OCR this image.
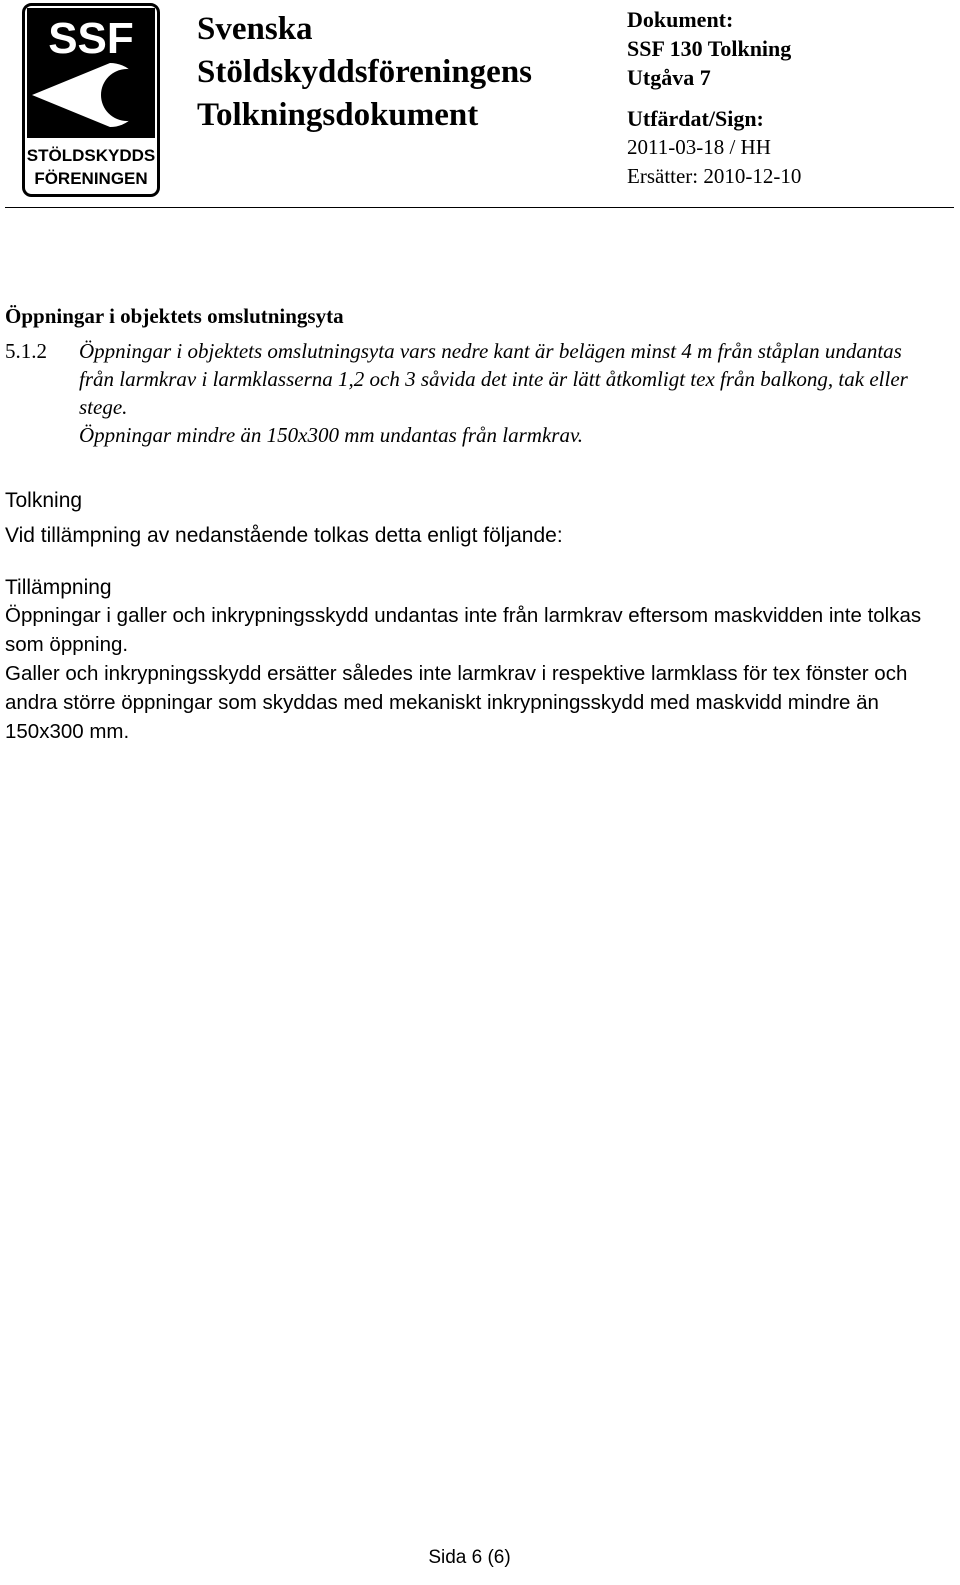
SSF
STÖLDSKYDDS
FÖRENINGEN
Svenska
Stöldskyddsföreningens
Tolkningsdokument
Dokument:
SSF 130 Tolkning
Utgåva 7
Utfärdat/Sign:
2011-03-18 / HH
Ersätter: 2010-12-10
Öppningar i objektets omslutningsyta
5.1.2 Öppningar i objektets omslutningsyta vars nedre kant är belägen minst 4 m från ståplan undantas från larmkrav i larmklasserna 1,2 och 3 såvida det inte är lätt åtkomligt tex från balkong, tak eller stege.

Öppningar mindre än 150x300 mm undantas från larmkrav.

Tolkning
Vid tillämpning av nedanstående tolkas detta enligt följande:
Tillämpning

Öppningar i galler och inkrypningsskydd undantas inte från larmkrav eftersom maskvidden inte tolkas som öppning.

Galler och inkrypningsskydd ersätter således inte larmkrav i respektive larmklass för tex fönster och andra större öppningar som skyddas med mekaniskt inkrypningsskydd med maskvidd mindre än 150x300 mm.

Sida 6 (6)
